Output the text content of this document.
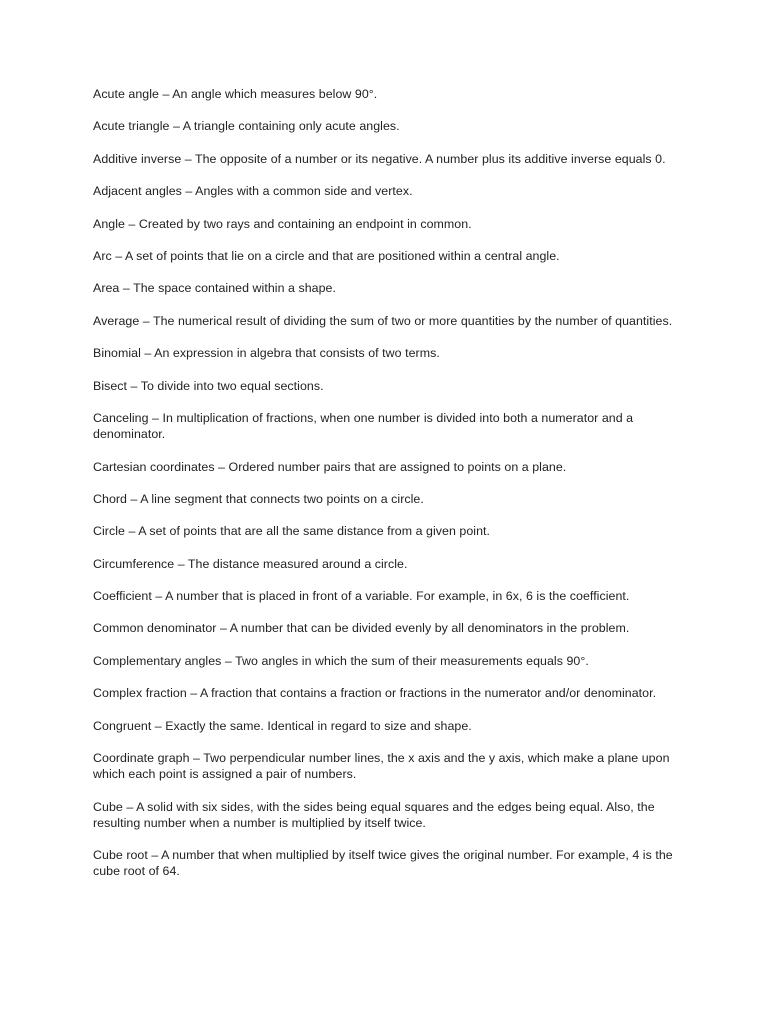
Acute angle – An angle which measures below 90°.
Acute triangle – A triangle containing only acute angles.
Additive inverse – The opposite of a number or its negative. A number plus its additive inverse equals 0.
Adjacent angles – Angles with a common side and vertex.
Angle – Created by two rays and containing an endpoint in common.
Arc – A set of points that lie on a circle and that are positioned within a central angle.
Area – The space contained within a shape.
Average – The numerical result of dividing the sum of two or more quantities by the number of quantities.
Binomial – An expression in algebra that consists of two terms.
Bisect – To divide into two equal sections.
Canceling – In multiplication of fractions, when one number is divided into both a numerator and a denominator.
Cartesian coordinates – Ordered number pairs that are assigned to points on a plane.
Chord – A line segment that connects two points on a circle.
Circle – A set of points that are all the same distance from a given point.
Circumference – The distance measured around a circle.
Coefficient – A number that is placed in front of a variable. For example, in 6x, 6 is the coefficient.
Common denominator – A number that can be divided evenly by all denominators in the problem.
Complementary angles – Two angles in which the sum of their measurements equals 90°.
Complex fraction – A fraction that contains a fraction or fractions in the numerator and/or denominator.
Congruent – Exactly the same. Identical in regard to size and shape.
Coordinate graph – Two perpendicular number lines, the x axis and the y axis, which make a plane upon which each point is assigned a pair of numbers.
Cube – A solid with six sides, with the sides being equal squares and the edges being equal. Also, the resulting number when a number is multiplied by itself twice.
Cube root – A number that when multiplied by itself twice gives the original number. For example, 4 is the cube root of 64.
